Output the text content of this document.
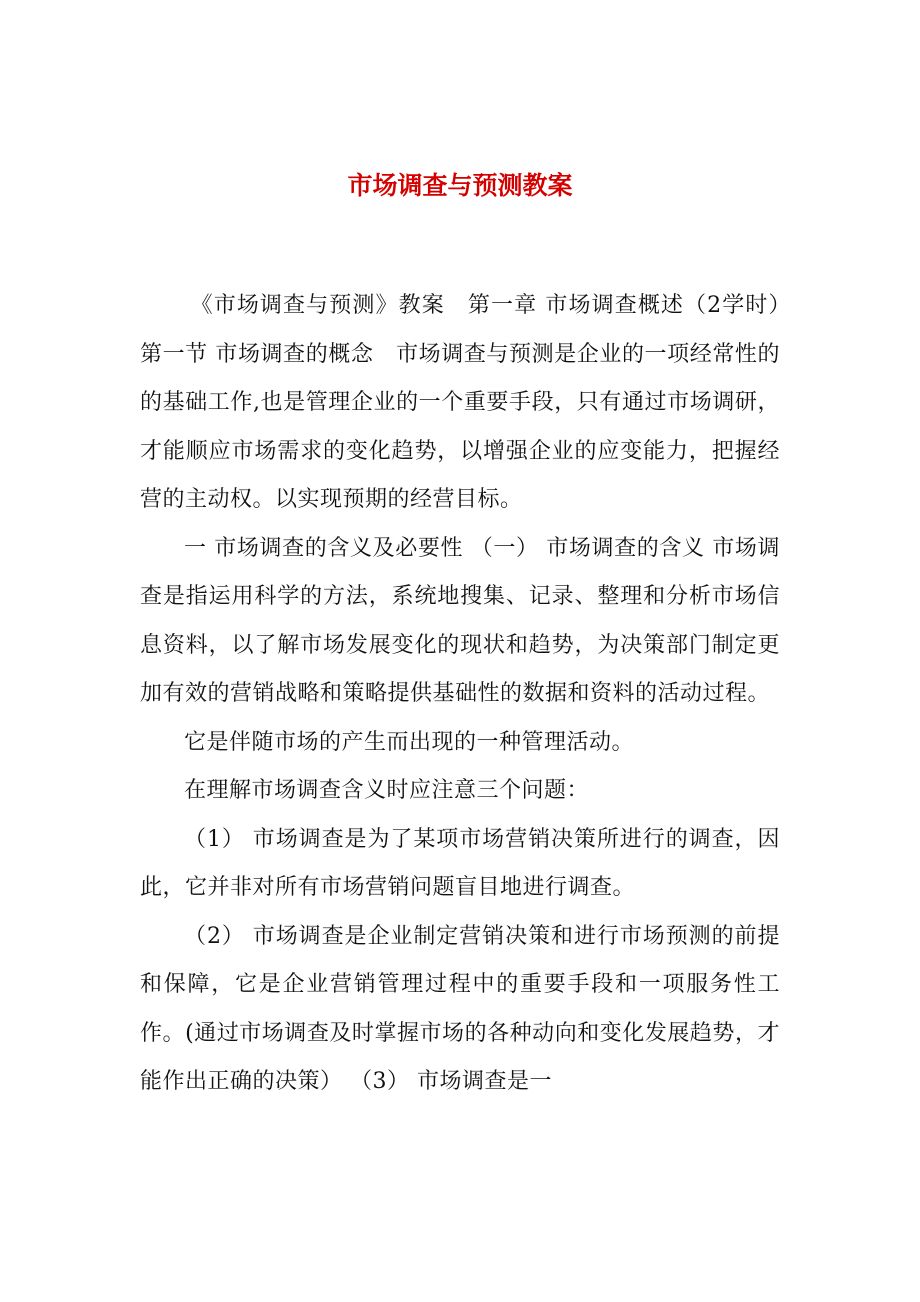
市场调查与预测教案

《市场调查与预测》教案　第一章 市场调查概述（2学时）　第一节 市场调查的概念　市场调查与预测是企业的一项经常性的的基础工作,也是管理企业的一个重要手段，只有通过市场调研，才能顺应市场需求的变化趋势，以增强企业的应变能力，把握经营的主动权。以实现预期的经营目标。

一 市场调查的含义及必要性 （一） 市场调查的含义 市场调查是指运用科学的方法，系统地搜集、记录、整理和分析市场信息资料，以了解市场发展变化的现状和趋势，为决策部门制定更加有效的营销战略和策略提供基础性的数据和资料的活动过程。

它是伴随市场的产生而出现的一种管理活动。

在理解市场调查含义时应注意三个问题：

（1） 市场调查是为了某项市场营销决策所进行的调查，因此，它并非对所有市场营销问题盲目地进行调查。

（2） 市场调查是企业制定营销决策和进行市场预测的前提和保障，它是企业营销管理过程中的重要手段和一项服务性工作。(通过市场调查及时掌握市场的各种动向和变化发展趋势，才能作出正确的决策） （3） 市场调查是一
